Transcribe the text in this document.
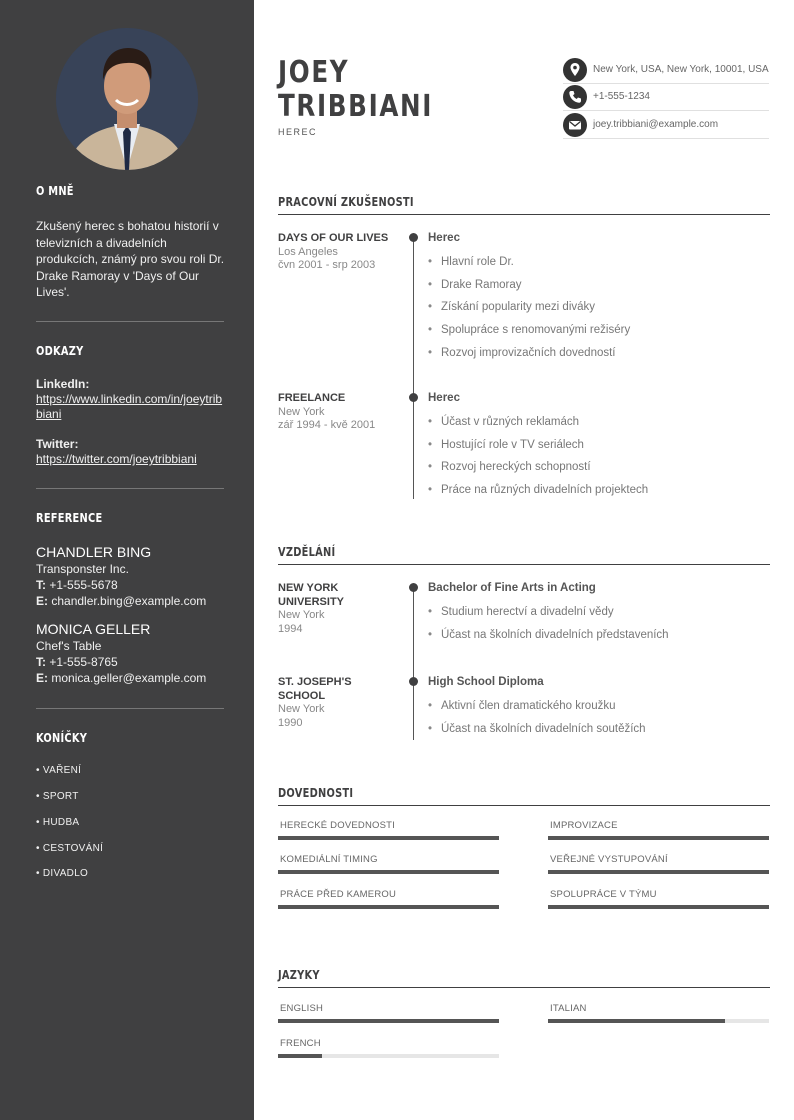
O MNĚ
Zkušený herec s bohatou historií v televizních a divadelních produkcích, známý pro svou roli Dr. Drake Ramoray v 'Days of Our Lives'.
ODKAZY
LinkedIn:
https://www.linkedin.com/in/joeytribbiani
Twitter:
https://twitter.com/joeytribbiani
REFERENCE
CHANDLER BING
Transponster Inc.
T: +1-555-5678
E: chandler.bing@example.com
MONICA GELLER
Chef's Table
T: +1-555-8765
E: monica.geller@example.com
KONÍČKY
• VAŘENÍ
• SPORT
• HUDBA
• CESTOVÁNÍ
• DIVADLO
JOEY
TRIBBIANI
HEREC
New York, USA, New York, 10001, USA
+1-555-1234
joey.tribbiani@example.com
PRACOVNÍ ZKUŠENOSTI
DAYS OF OUR LIVES
Los Angeles
čvn 2001 - srp 2003
Herec
• Hlavní role Dr.
• Drake Ramoray
• Získání popularity mezi diváky
• Spolupráce s renomovanými režiséry
• Rozvoj improvizačních dovedností
FREELANCE
New York
zář 1994 - kvě 2001
Herec
• Účast v různých reklamách
• Hostující role v TV seriálech
• Rozvoj hereckých schopností
• Práce na různých divadelních projektech
VZDĚLÁNÍ
NEW YORK UNIVERSITY
New York
1994
Bachelor of Fine Arts in Acting
• Studium herectví a divadelní vědy
• Účast na školních divadelních představeních
ST. JOSEPH'S SCHOOL
New York
1990
High School Diploma
• Aktivní člen dramatického kroužku
• Účast na školních divadelních soutěžích
DOVEDNOSTI
HERECKÉ DOVEDNOSTI	IMPROVIZACE
KOMEDIÁLNÍ TIMING	VEŘEJNÉ VYSTUPOVÁNÍ
PRÁCE PŘED KAMEROU	SPOLUPRÁCE V TÝMU
JAZYKY
ENGLISH	ITALIAN
FRENCH
